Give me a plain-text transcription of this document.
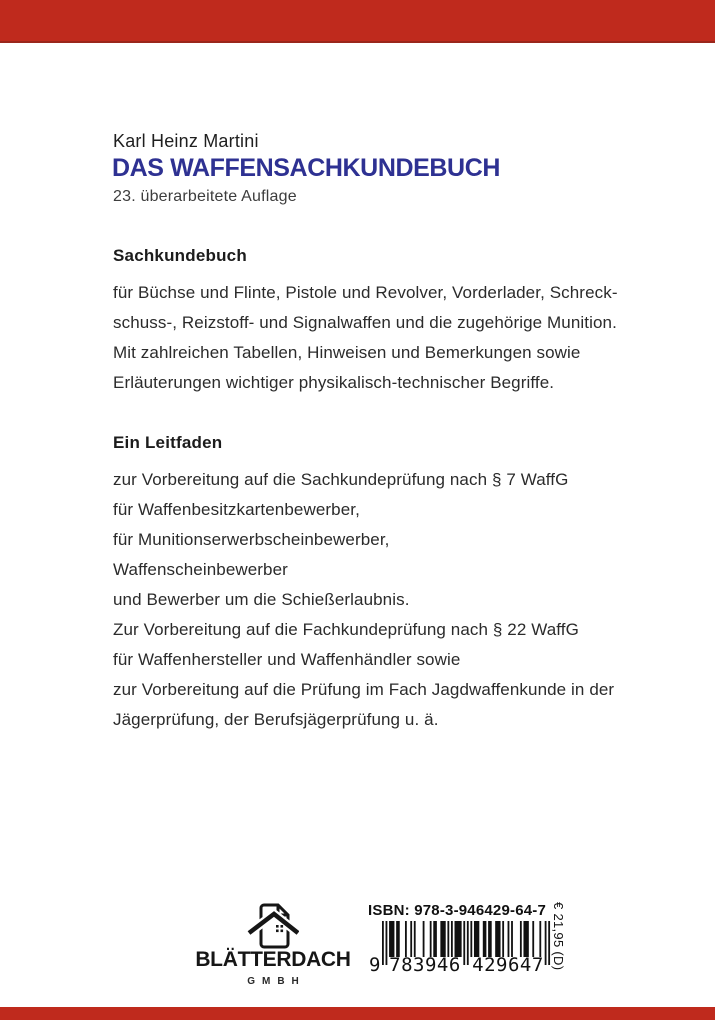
Karl Heinz Martini
DAS WAFFENSACHKUNDEBUCH
23. überarbeitete Auflage
Sachkundebuch
für Büchse und Flinte, Pistole und Revolver, Vorderlader, Schreck-
schuss-, Reizstoff- und Signalwaffen und die zugehörige Munition.
Mit zahlreichen Tabellen, Hinweisen und Bemerkungen sowie
Erläuterungen wichtiger physikalisch-technischer Begriffe.
Ein Leitfaden
zur Vorbereitung auf die Sachkundeprüfung nach § 7 WaffG
für Waffenbesitzkartenbewerber,
für Munitionserwerbscheinbewerber,
Waffenscheinbewerber
und Bewerber um die Schießerlaubnis.
Zur Vorbereitung auf die Fachkundeprüfung nach § 22 WaffG
für Waffenhersteller und Waffenhändler sowie
zur Vorbereitung auf die Prüfung im Fach Jagdwaffenkunde in der
Jägerprüfung, der Berufsjägerprüfung u. ä.
BLÄTTERDACH
GMBH
ISBN: 978-3-946429-64-7
9 783946 429647 € 21,95 (D)
